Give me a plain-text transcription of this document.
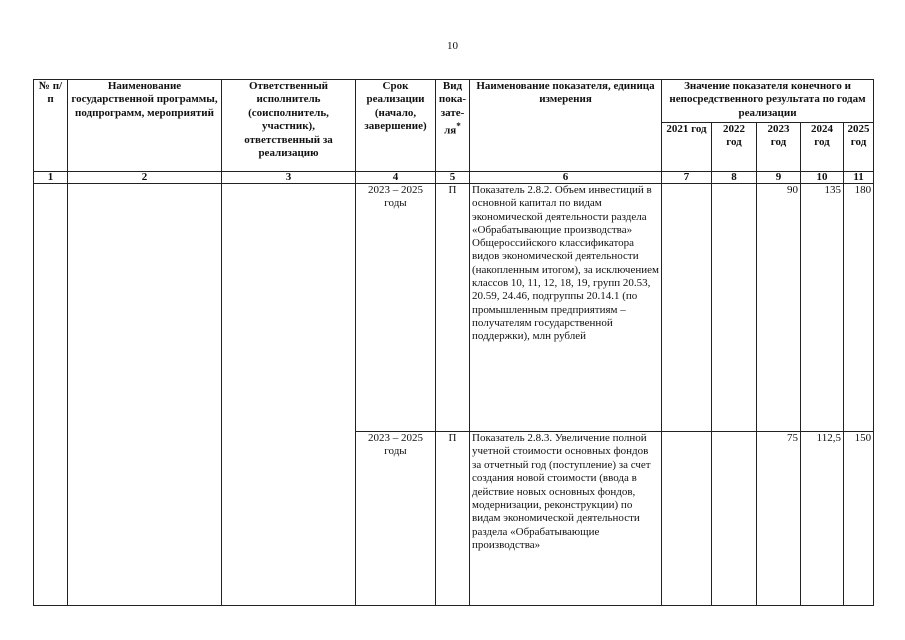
10
№ п/п	Наименование государственной программы, подпрограмм, мероприятий	Ответственный исполнитель (соисполнитель, участник), ответственный за реализацию	Срок реализации (начало, завершение)	Вид пока- зате- ля*	Наименование показателя, единица измерения	Значение показателя конечного и непосредственного результата по годам реализации				
						2021 год	2022 год	2023 год	2024 год	2025 год
1	2	3	4	5	6	7	8	9	10	11
			2023 – 2025 годы	П	Показатель 2.8.2. Объем инвестиций в основной капитал по видам экономической деятельности раздела «Обрабатывающие производства» Общероссийского классификатора видов экономической деятельности (накопленным итогом), за исключением классов 10, 11, 12, 18, 19, групп 20.53, 20.59, 24.46, подгруппы 20.14.1 (по промышленным предприятиям – получателям государственной поддержки), млн рублей			90	135	180
			2023 – 2025 годы	П	Показатель 2.8.3. Увеличение полной учетной стоимости основных фондов за отчетный год (поступление) за счет создания новой стоимости (ввода в действие новых основных фондов, модернизации, реконструкции) по видам экономической деятельности раздела «Обрабатывающие производства»			75	112,5	150
